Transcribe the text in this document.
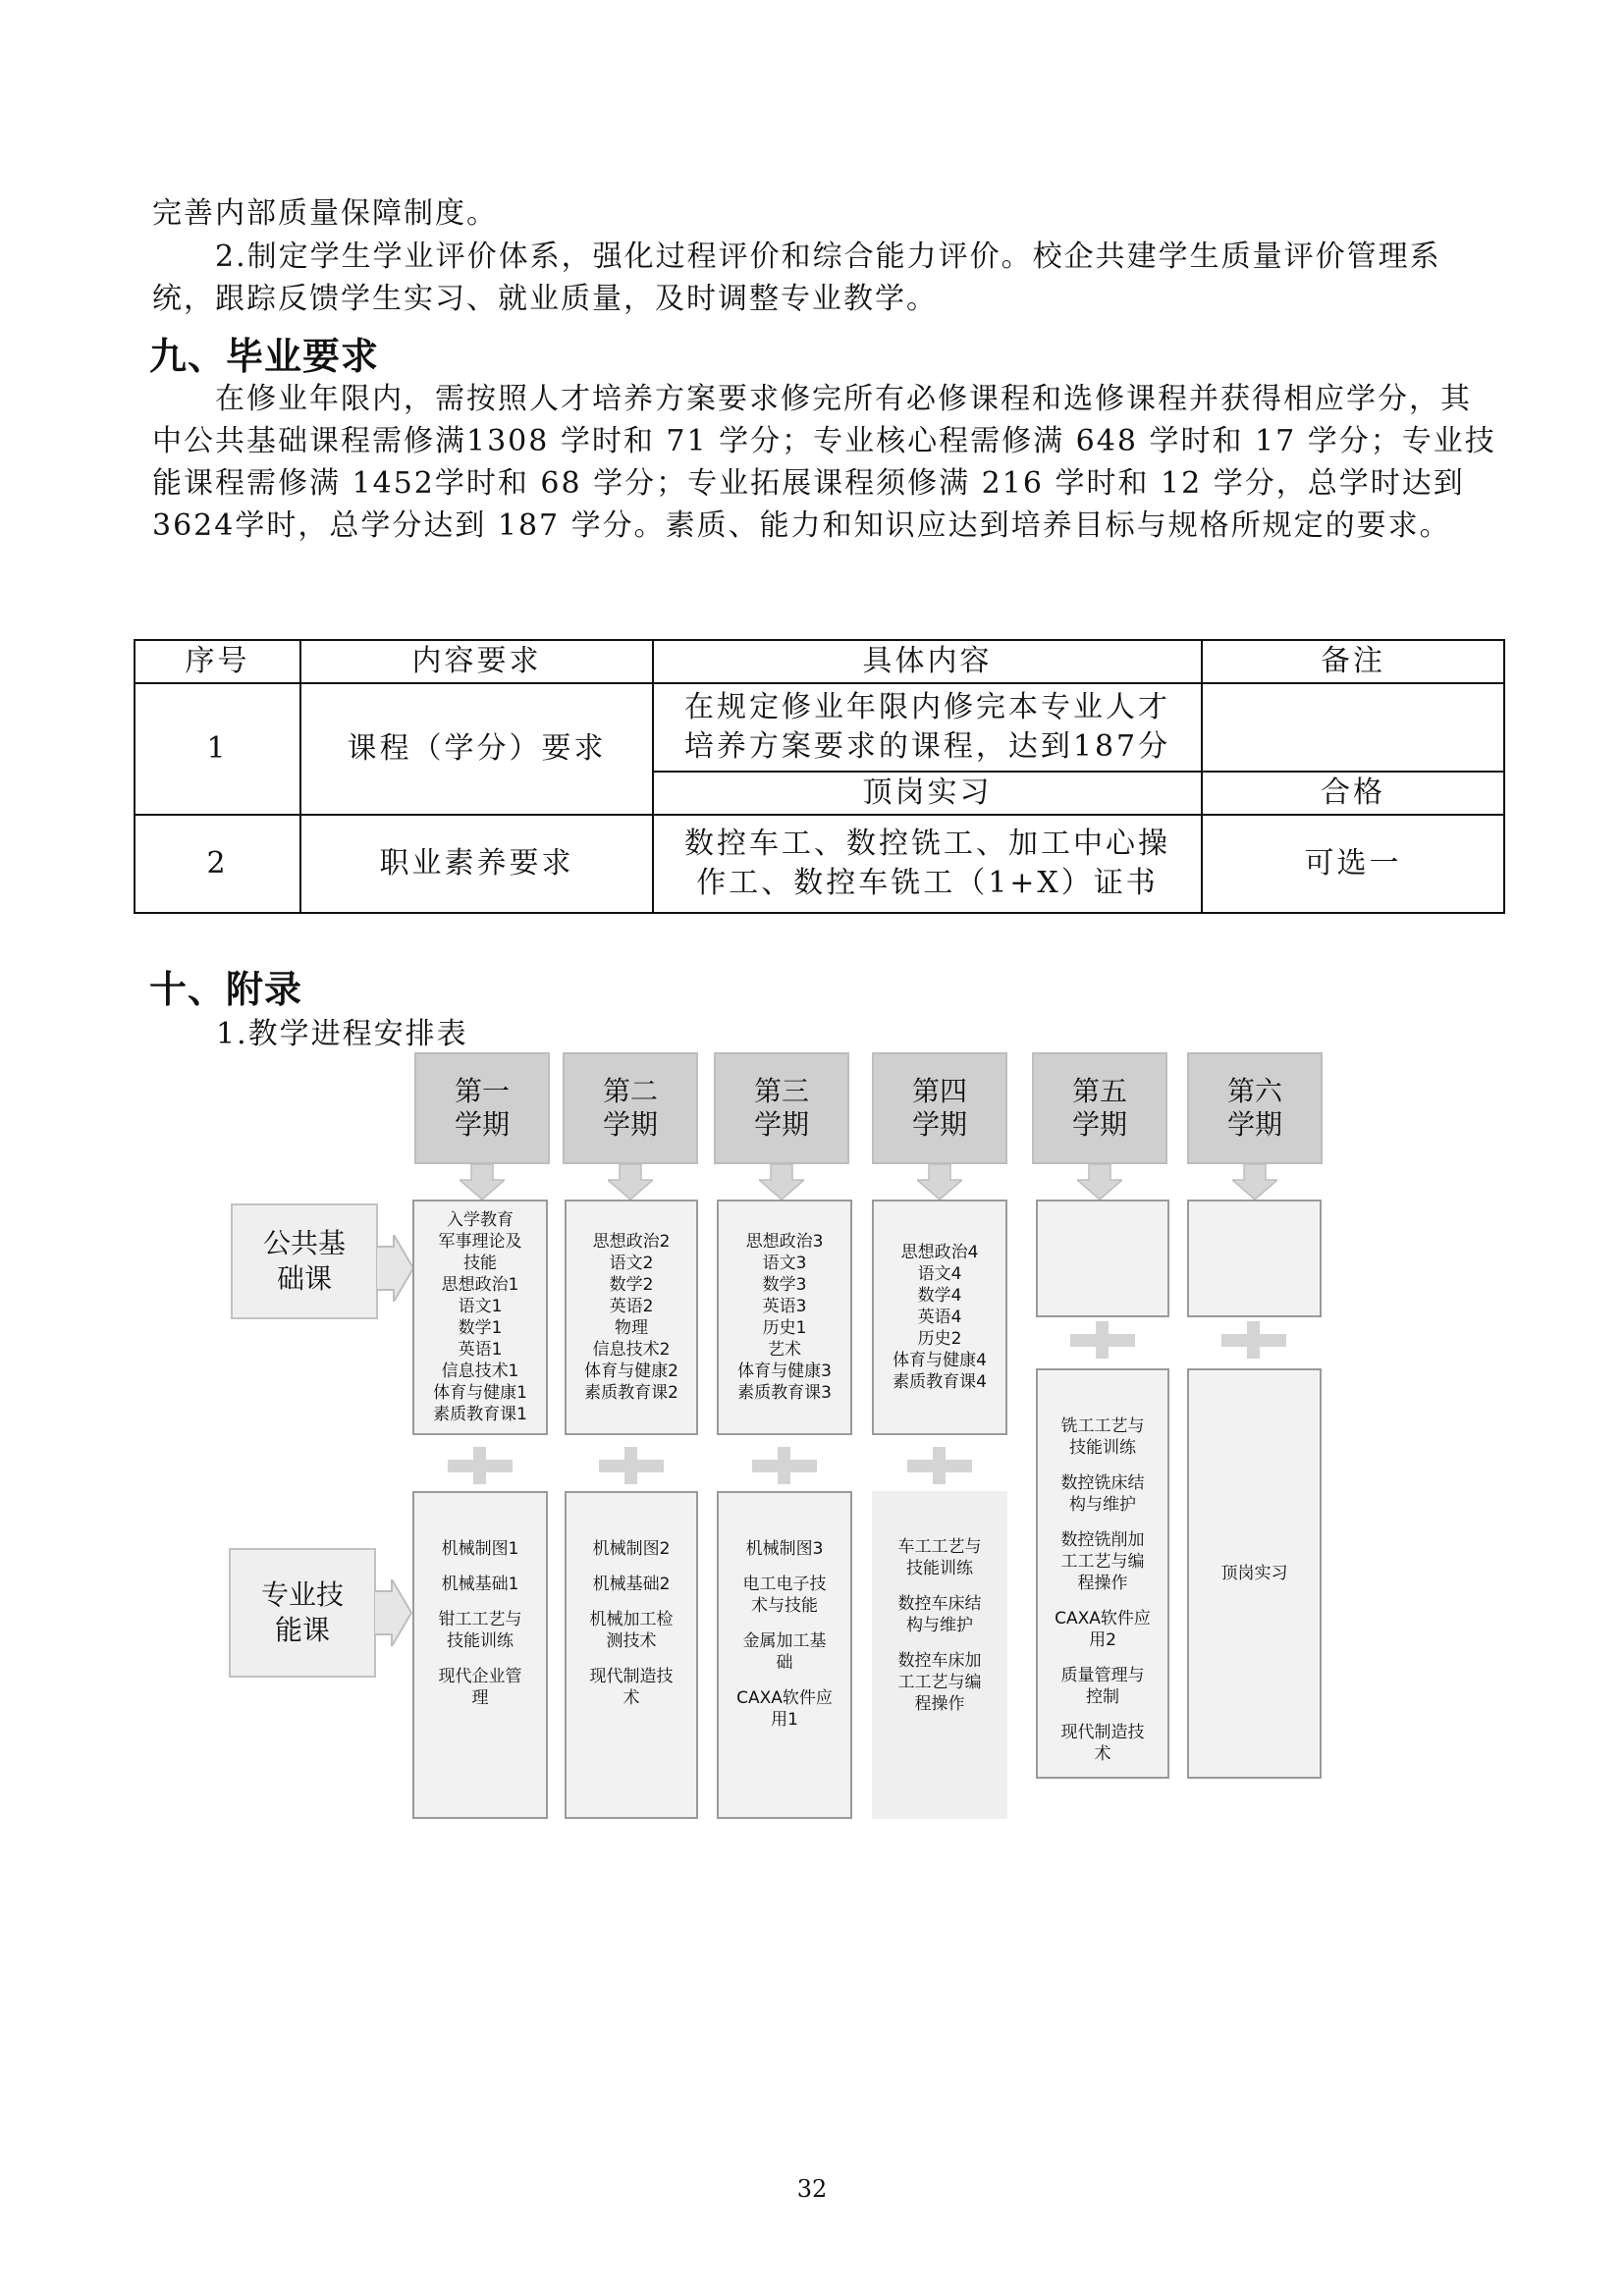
完善内部质量保障制度。

2.制定学生学业评价体系，强化过程评价和综合能力评价。校企共建学生质量评价管理系统，跟踪反馈学生实习、就业质量，及时调整专业教学。

九、毕业要求

在修业年限内，需按照人才培养方案要求修完所有必修课程和选修课程并获得相应学分，其中公共基础课程需修满1308 学时和 71 学分；专业核心程需修满 648 学时和 17 学分；专业技能课程需修满 1452学时和 68 学分；专业拓展课程须修满 216 学时和 12 学分，总学时达到 3624学时，总学分达到 187 学分。素质、能力和知识应达到培养目标与规格所规定的要求。

序号	内容要求	具体内容	备注
1	课程（学分）要求	在规定修业年限内修完本专业人才培养方案要求的课程，达到187分	
		顶岗实习	合格
2	职业素养要求	数控车工、数控铣工、加工中心操作工、数控车铣工（1+X）证书	可选一
十、附录

1.教学进程安排表

公共基础课
专业技能课
第一学期
入学教育
军事理论及
技能
思想政治1
语文1
数学1
英语1
信息技术1
体育与健康1
素质教育课1
机械制图1
机械基础1
钳工工艺与
技能训练
现代企业管
理
第二学期
思想政治2
语文2
数学2
英语2
物理
信息技术2
体育与健康2
素质教育课2
机械制图2
机械基础2
机械加工检
测技术
现代制造技
术
第三学期
思想政治3
语文3
数学3
英语3
历史1
艺术
体育与健康3
素质教育课3
机械制图3
电工电子技
术与技能
金属加工基
础
CAXA软件应
用1
第四学期
思想政治4
语文4
数学4
英语4
历史2
体育与健康4
素质教育课4
车工工艺与
技能训练
数控车床结
构与维护
数控车床加
工工艺与编
程操作
第五学期
铣工工艺与
技能训练
数控铣床结
构与维护
数控铣削加
工工艺与编
程操作
CAXA软件应
用2
质量管理与
控制
现代制造技
术
第六学期
顶岗实习

32
